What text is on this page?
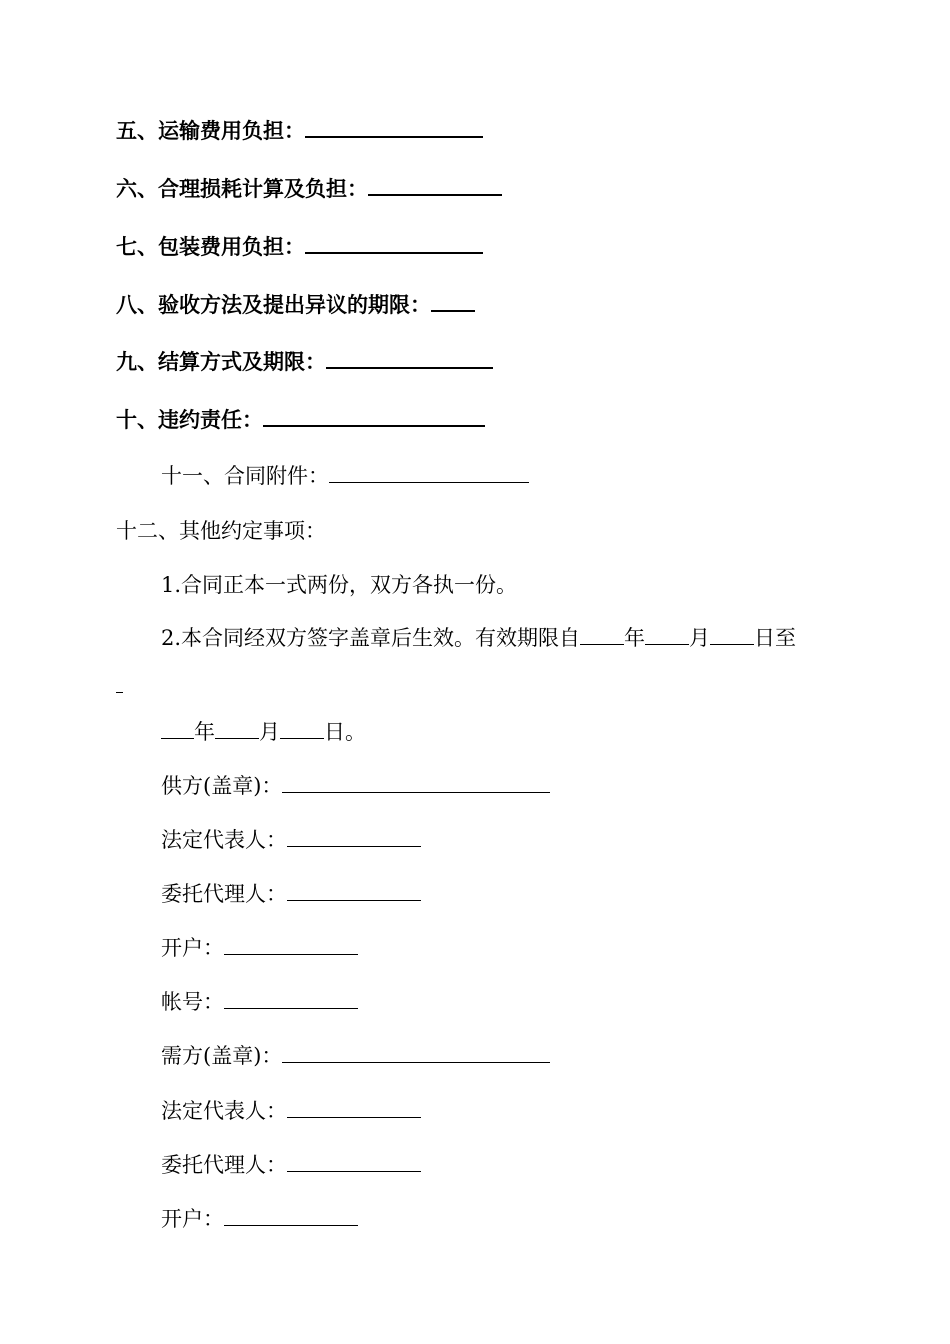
五、运输费用负担：
六、合理损耗计算及负担：
七、包装费用负担：
八、验收方法及提出异议的期限：
九、结算方式及期限：
十、违约责任：
十一、合同附件：
十二、其他约定事项：
1.合同正本一式两份，双方各执一份。
2.本合同经双方签字盖章后生效。有效期限自 年 月 日至
年 月 日。
供方(盖章)：
法定代表人：
委托代理人：
开户：
帐号：
需方(盖章)：
法定代表人：
委托代理人：
开户：
